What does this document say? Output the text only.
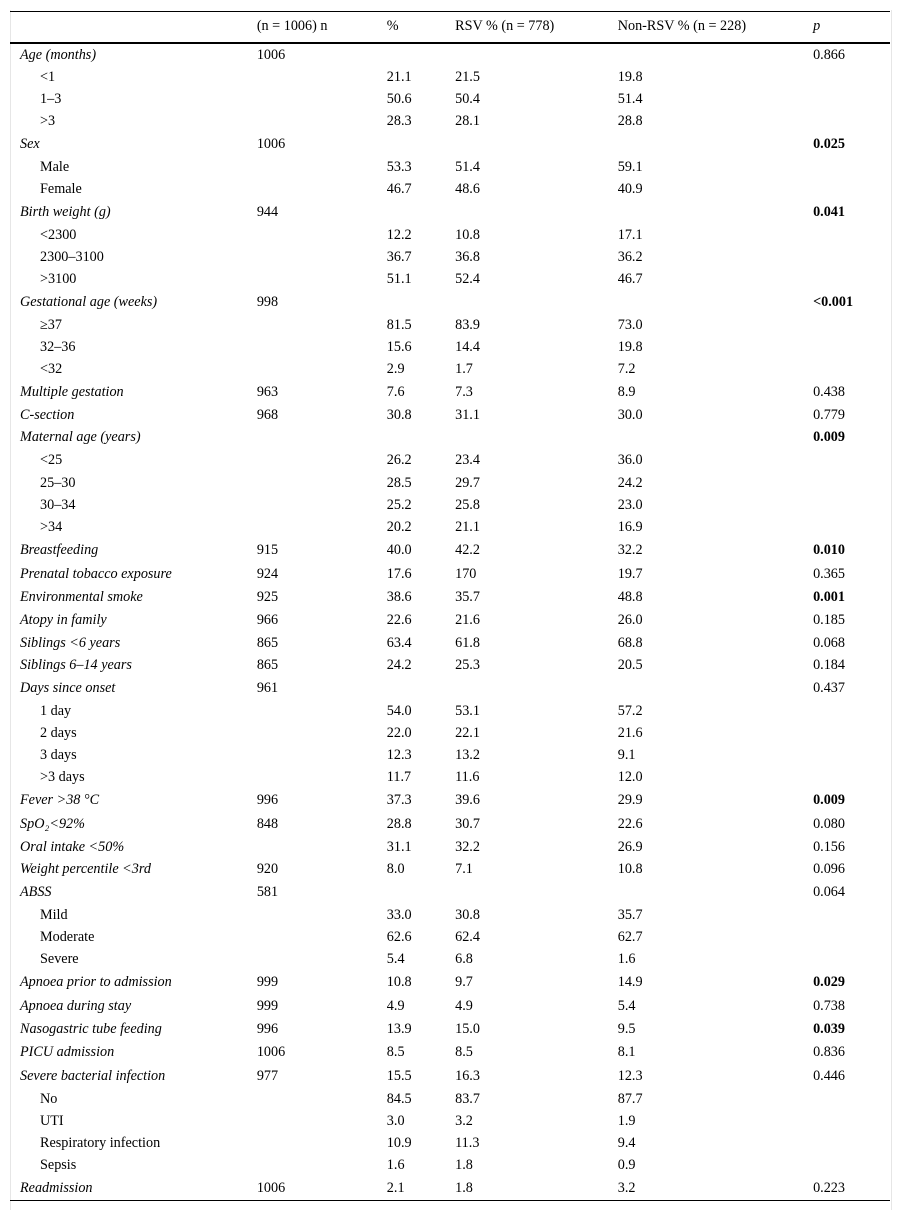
	(n = 1006) n	%	RSV % (n = 778)	Non-RSV % (n = 228)	p
Age (months)	1006				0.866
<1		21.1	21.5	19.8	
1–3		50.6	50.4	51.4	
>3		28.3	28.1	28.8	
Sex	1006				0.025
Male		53.3	51.4	59.1	
Female		46.7	48.6	40.9	
Birth weight (g)	944				0.041
<2300		12.2	10.8	17.1	
2300–3100		36.7	36.8	36.2	
>3100		51.1	52.4	46.7	
Gestational age (weeks)	998				<0.001
≥37		81.5	83.9	73.0	
32–36		15.6	14.4	19.8	
<32		2.9	1.7	7.2	
Multiple gestation	963	7.6	7.3	8.9	0.438
C-section	968	30.8	31.1	30.0	0.779
Maternal age (years)					0.009
<25		26.2	23.4	36.0	
25–30		28.5	29.7	24.2	
30–34		25.2	25.8	23.0	
>34		20.2	21.1	16.9	
Breastfeeding	915	40.0	42.2	32.2	0.010
Prenatal tobacco exposure	924	17.6	170	19.7	0.365
Environmental smoke	925	38.6	35.7	48.8	0.001
Atopy in family	966	22.6	21.6	26.0	0.185
Siblings <6 years	865	63.4	61.8	68.8	0.068
Siblings 6–14 years	865	24.2	25.3	20.5	0.184
Days since onset	961				0.437
1 day		54.0	53.1	57.2	
2 days		22.0	22.1	21.6	
3 days		12.3	13.2	9.1	
>3 days		11.7	11.6	12.0	
Fever >38 °C	996	37.3	39.6	29.9	0.009
SpO₂<92%	848	28.8	30.7	22.6	0.080
Oral intake <50%		31.1	32.2	26.9	0.156
Weight percentile <3rd	920	8.0	7.1	10.8	0.096
ABSS	581				0.064
Mild		33.0	30.8	35.7	
Moderate		62.6	62.4	62.7	
Severe		5.4	6.8	1.6	
Apnoea prior to admission	999	10.8	9.7	14.9	0.029
Apnoea during stay	999	4.9	4.9	5.4	0.738
Nasogastric tube feeding	996	13.9	15.0	9.5	0.039
PICU admission	1006	8.5	8.5	8.1	0.836
Severe bacterial infection	977	15.5	16.3	12.3	0.446
No		84.5	83.7	87.7	
UTI		3.0	3.2	1.9	
Respiratory infection		10.9	11.3	9.4	
Sepsis		1.6	1.8	0.9	
Readmission	1006	2.1	1.8	3.2	0.223
